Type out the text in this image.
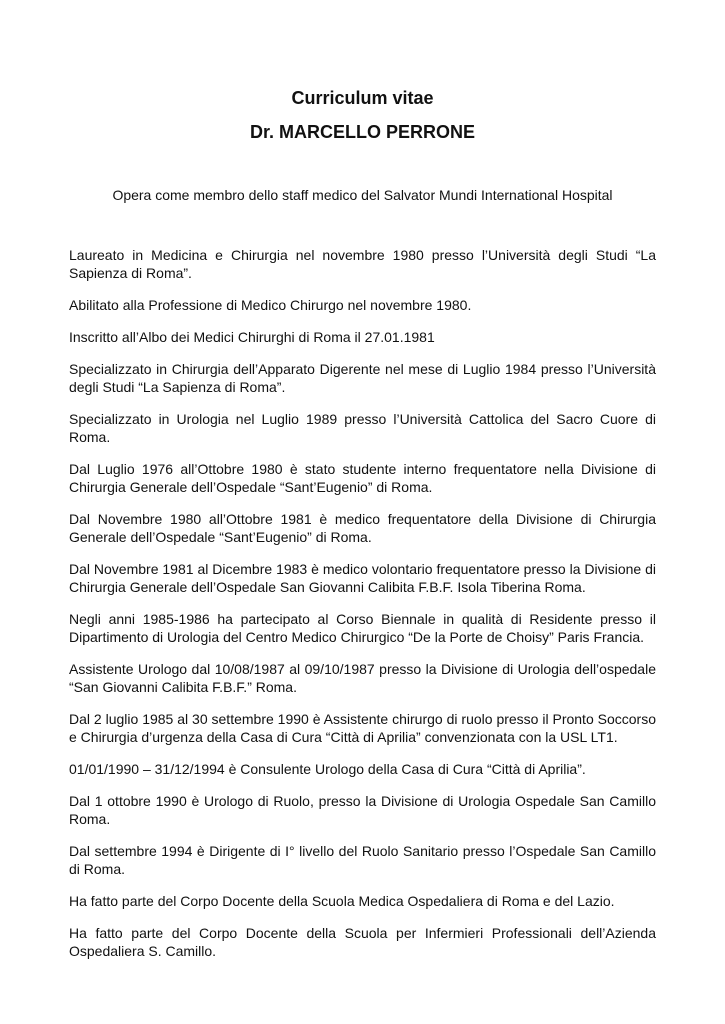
Curriculum vitae
Dr. MARCELLO PERRONE

Opera come membro dello staff medico del Salvator Mundi International Hospital

Laureato in Medicina e Chirurgia nel novembre 1980 presso l’Università degli Studi “La Sapienza di Roma”.

Abilitato alla Professione di Medico Chirurgo nel novembre 1980.

Inscritto all’Albo dei Medici Chirurghi di Roma il 27.01.1981

Specializzato in Chirurgia dell’Apparato Digerente nel mese di Luglio 1984 presso l’Università degli Studi “La Sapienza di Roma”.

Specializzato in Urologia nel Luglio 1989 presso l’Università Cattolica del Sacro Cuore di Roma.

Dal Luglio 1976 all’Ottobre 1980 è stato studente interno frequentatore nella Divisione di Chirurgia Generale dell’Ospedale “Sant’Eugenio” di Roma.

Dal Novembre 1980 all’Ottobre 1981 è medico frequentatore della Divisione di Chirurgia Generale dell’Ospedale “Sant’Eugenio” di Roma.

Dal Novembre 1981 al Dicembre 1983 è medico volontario frequentatore presso la Divisione di Chirurgia Generale dell’Ospedale San Giovanni Calibita F.B.F. Isola Tiberina Roma.

Negli anni 1985-1986 ha partecipato al Corso Biennale in qualità di Residente presso il Dipartimento di Urologia del Centro Medico Chirurgico “De la Porte de Choisy” Paris Francia.

Assistente Urologo dal 10/08/1987 al 09/10/1987 presso la Divisione di Urologia dell’ospedale “San Giovanni Calibita F.B.F.” Roma.

Dal 2 luglio 1985 al 30 settembre 1990 è Assistente chirurgo di ruolo presso il Pronto Soccorso e Chirurgia d’urgenza della Casa di Cura “Città di Aprilia” convenzionata con la USL LT1.

01/01/1990 – 31/12/1994 è Consulente Urologo della Casa di Cura “Città di Aprilia”.

Dal 1 ottobre 1990 è Urologo di Ruolo, presso la Divisione di Urologia Ospedale San Camillo Roma.

Dal settembre 1994 è Dirigente di I° livello del Ruolo Sanitario presso l’Ospedale San Camillo di Roma.

Ha fatto parte del Corpo Docente della Scuola Medica Ospedaliera di Roma e del Lazio.

Ha fatto parte del Corpo Docente della Scuola per Infermieri Professionali dell’Azienda Ospedaliera S. Camillo.
